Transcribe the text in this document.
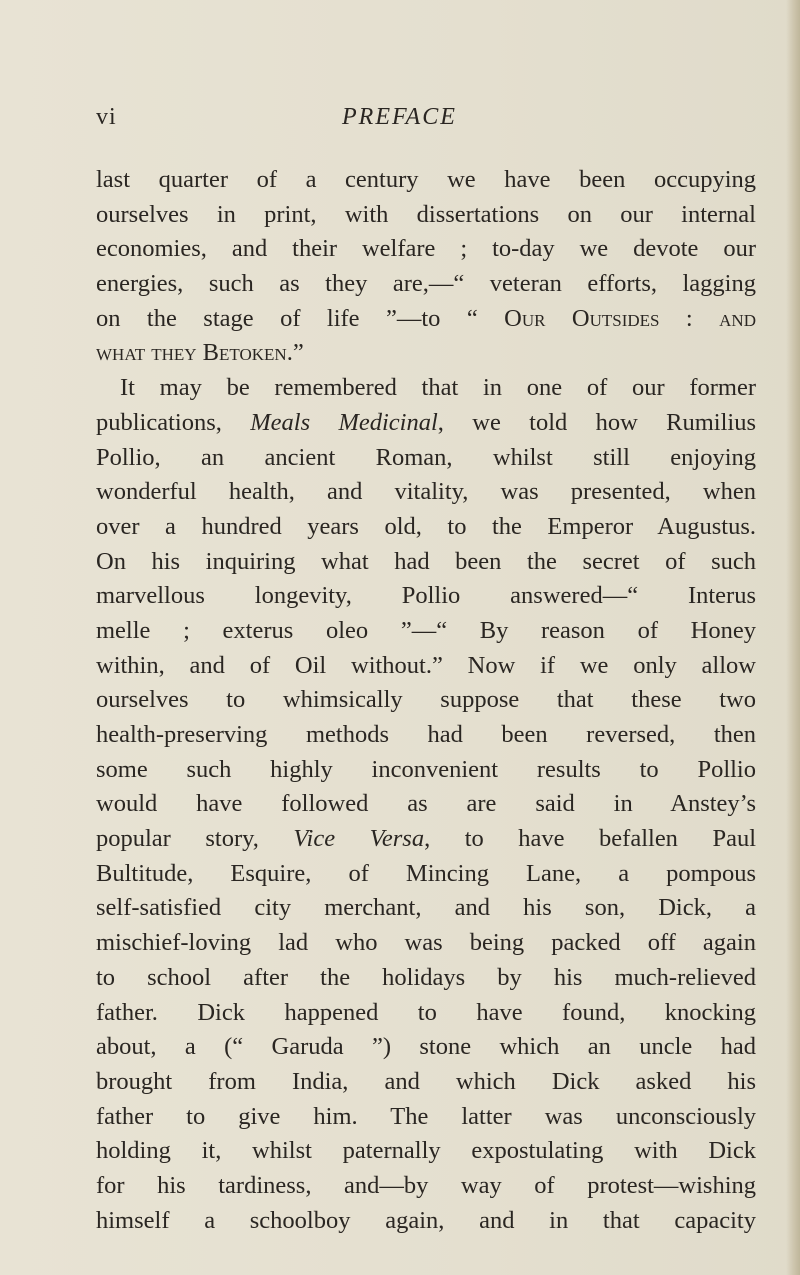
vi	PREFACE
last quarter of a century we have been occupying
ourselves in print, with dissertations on our internal
economies, and their welfare ; to-day we devote our
energies, such as they are,—“ veteran efforts, lagging
on the stage of life ”—to “ Our Outsides : and
what they Betoken.”
It may be remembered that in one of our former
publications, Meals Medicinal, we told how Rumilius
Pollio, an ancient Roman, whilst still enjoying
wonderful health, and vitality, was presented, when
over a hundred years old, to the Emperor Augustus.
On his inquiring what had been the secret of such
marvellous longevity, Pollio answered—“ Interus
melle ; exterus oleo ”—“ By reason of Honey
within, and of Oil without.” Now if we only allow
ourselves to whimsically suppose that these two
health-preserving methods had been reversed, then
some such highly inconvenient results to Pollio
would have followed as are said in Anstey’s
popular story, Vice Versa, to have befallen Paul
Bultitude, Esquire, of Mincing Lane, a pompous
self-satisfied city merchant, and his son, Dick, a
mischief-loving lad who was being packed off again
to school after the holidays by his much-relieved
father. Dick happened to have found, knocking
about, a (“ Garuda ”) stone which an uncle had
brought from India, and which Dick asked his
father to give him. The latter was unconsciously
holding it, whilst paternally expostulating with Dick
for his tardiness, and—by way of protest—wishing
himself a schoolboy again, and in that capacity
